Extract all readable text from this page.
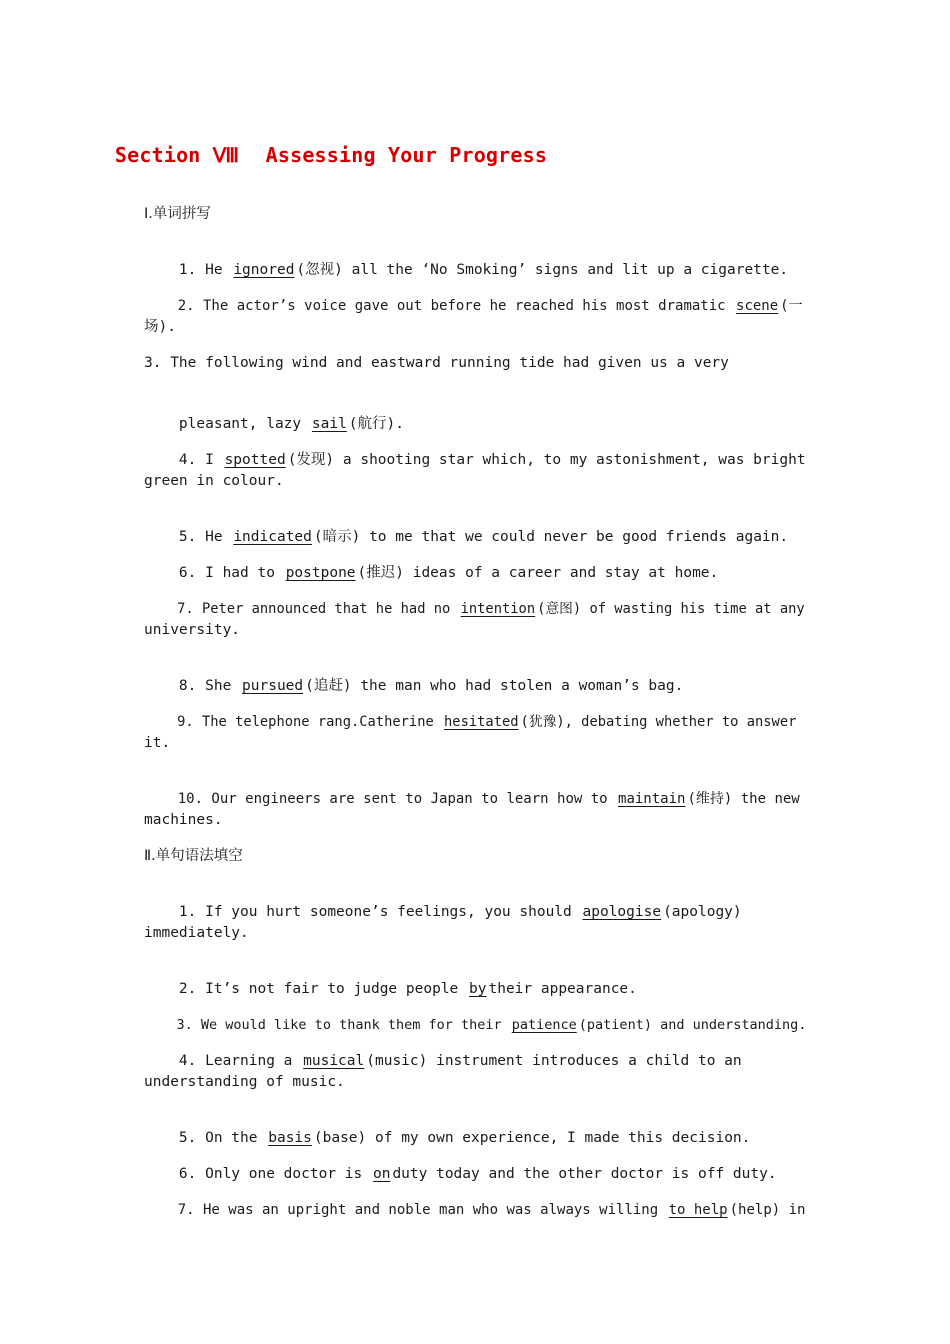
Section Ⅷ Assessing Your Progress
Ⅰ.单词拼写

1. He ignored (忽视) all the ‘No Smoking’ signs and lit up a cigarette.

2. The actor’s voice gave out before he reached his most dramatic scene (一

场).
3. The following wind and eastward running tide had given us a very

pleasant, lazy sail (航行).

4. I spotted (发现) a shooting star which, to my astonishment, was bright

green in colour.

5. He indicated (暗示) to me that we could never be good friends again.

6. I had to postpone (推迟) ideas of a career and stay at home.

7. Peter announced that he had no intention (意图) of wasting his time at any

university.

8. She pursued (追赶) the man who had stolen a woman’s bag.

9. The telephone rang.Catherine hesitated (犹豫), debating whether to answer

it.

10. Our engineers are sent to Japan to learn how to maintain (维持) the new

machines.
Ⅱ.单句语法填空

1. If you hurt someone’s feelings, you should apologise (apology)

immediately.

2. It’s not fair to judge people by their appearance.

3. We would like to thank them for their patience (patient) and understanding.

4. Learning a musical (music) instrument introduces a child to an

understanding of music.

5. On the basis (base) of my own experience, I made this decision.

6. Only one doctor is on duty today and the other doctor is off duty.

7. He was an upright and noble man who was always willing to help (help) in
